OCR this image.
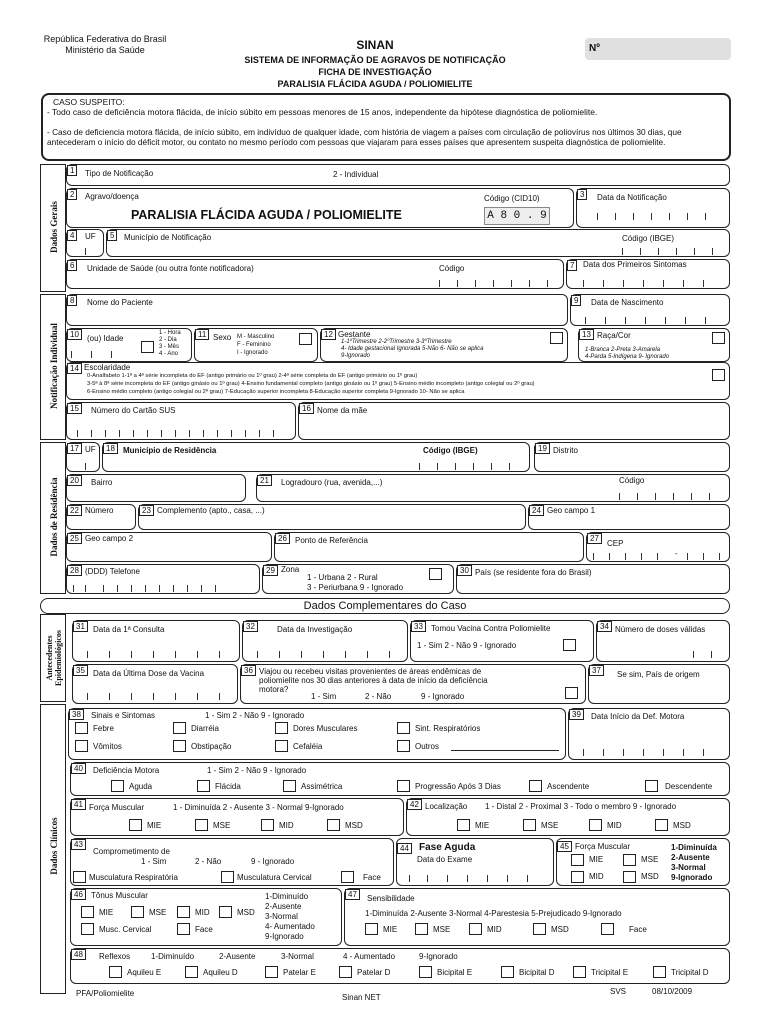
República Federativa do Brasil
Ministério da Saúde	SINAN
SISTEMA DE INFORMAÇÃO DE AGRAVOS DE NOTIFICAÇÃO
FICHA DE INVESTIGAÇÃO
PARALISIA FLÁCIDA AGUDA / POLIOMIELITE
Nº
CASO SUSPEITO:
- Todo caso de deficiência motora flácida, de início súbito em pessoas menores de 15 anos, independente da hipótese diagnóstica de poliomielite.
- Caso de deficiencia motora flácida, de início súbito, em indivíduo de qualquer idade, com história de viagem a países com circulação de poliovírus nos últimos 30 dias, que antecederam o início do déficit motor, ou contato no mesmo período com pessoas que viajaram para esses países que apresentem suspeita diagnóstica de poliomielite.
Dados Gerais
Notificação Individual
Dados de Residência
Antecedentes
Epidemiológicos
Dados Clínicos
1	Tipo de Notificação	2 - Individual
2	Agravo/doença
PARALISIA FLÁCIDA AGUDA / POLIOMIELITE
Código (CID10)
A 8 0 . 9
3	Data da Notificação
4	UF	5	Município de Notificação	Código (IBGE)
6	Unidade de Saúde (ou outra fonte notificadora)	Código	7	Data dos Primeiros Sintomas
8	Nome do Paciente	9	Data de Nascimento
10	(ou) Idade
1 - Hora
2 - Dia
3 - Mês
4 - Ano
11 Sexo M - Masculino
F - Feminino
I - Ignorado
12 Gestante
1-1ºTrimestre 2-2ºTrimestre 3-3ºTrimestre
4- Idade gestacional Ignorada 5-Não 6- Não se aplica
9-Ignorado
13 Raça/Cor
1-Branca 2-Preta 3-Amarela
4-Parda 5-Indígena 9- Ignorado
14 Escolaridade
0-Analfabeto 1-1ª a 4ª série incompleta do EF (antigo primário ou 1º grau) 2-4ª série completa do EF (antigo primário ou 1º grau)
3-5ª à 8ª série incompleta do EF (antigo ginásio ou 1º grau) 4-Ensino fundamental completo (antigo ginásio ou 1º grau) 5-Ensino médio incompleto (antigo colegial ou 2º grau)
6-Ensino médio completo (antigo colegial ou 2º grau) 7-Educação superior incompleta 8-Educação superior completa 9-Ignorado 10- Não se aplica
15	Número do Cartão SUS	16 Nome da mãe
17 UF	18	Município de Residência	Código (IBGE)	19 Distrito
20	Bairro	21	Logradouro (rua, avenida,...)	Código
22 Número	23 Complemento (apto., casa, ...)	24 Geo campo 1
25 Geo campo 2	26	Ponto de Referência	27
CEP
-
28 (DDD) Telefone	29 Zona
1 - Urbana 2 - Rural
3 - Periurbana 9 - Ignorado
30 País (se residente fora do Brasil)
Dados Complementares do Caso
31	Data da 1ª Consulta	32	Data da Investigação	33	Tomou Vacina Contra Poliomielite
1 - Sim 2 - Não 9 - Ignorado
34 Número de doses válidas
35	Data da Última Dose da Vacina	36 Viajou ou recebeu visitas provenientes de áreas endêmicas de
poliomielite nos 30 dias anteriores à data de início da deficiência
motora?
1 - Sim	2 - Não	9 - Ignorado
37	Se sim, País de origem
38	Sinais e Sintomas	1 - Sim 2 - Não 9 - Ignorado
Febre	Diarréia	Dores Musculares	Sint. Respiratórios
Vômitos	Obstipação	Cefaléia	Outros
39	Data Início da Def. Motora
40	Deficiência Motora	1 - Sim 2 - Não 9 - Ignorado
Aguda	Flácida	Assimétrica	Progressão Após 3 Dias	Ascendente	Descendente
41 Força Muscular	1 - Diminuída 2 - Ausente 3 - Normal 9-Ignorado
MIE	MSE	MID	MSD
42 Localização 1 - Distal 2 - Proximal 3 - Todo o membro 9 - Ignorado
MIE	MSE	MID	MSD
43
Comprometimento de
1 - Sim	2 - Não	9 - Ignorado
Musculatura Respiratória	Musculatura Cervical	Face
44	Fase Aguda
Data do Exame
45 Força Muscular
MIE	MSE
MID	MSD
1-Diminuída
2-Ausente
3-Normal
9-Ignorado
46	Tônus Muscular
MIE	MSE	MID	MSD
Musc. Cervical	Face
1-Diminuído
2-Ausente
3-Normal
4- Aumentado
9-Ignorado
47	Sensibilidade
1-Diminuída 2-Ausente 3-Normal 4-Parestesia 5-Prejudicado 9-Ignorado
MIE	MSE	MID	MSD	Face
48	Reflexos	1-Diminuído	2-Ausente	3-Normal	4 - Aumentado	9-Ignorado
Aquileu E	Aquileu D	Patelar E	Patelar D	Bicipital E	Bicipital D	Tricipital E	Tricipital D
PFA/Poliomielite	Sinan NET
SVS	08/10/2009
